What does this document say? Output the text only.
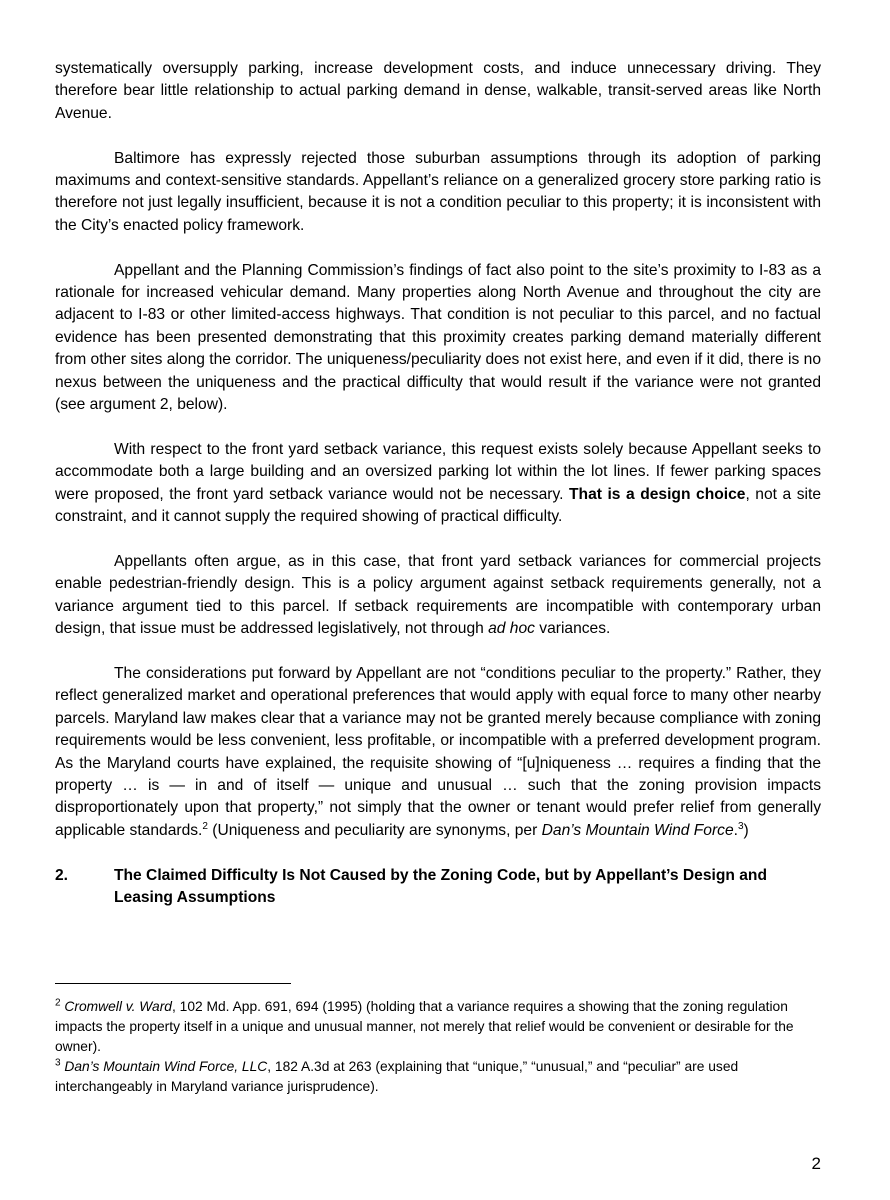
systematically oversupply parking, increase development costs, and induce unnecessary driving. They therefore bear little relationship to actual parking demand in dense, walkable, transit-served areas like North Avenue.

Baltimore has expressly rejected those suburban assumptions through its adoption of parking maximums and context-sensitive standards. Appellant’s reliance on a generalized grocery store parking ratio is therefore not just legally insufficient, because it is not a condition peculiar to this property; it is inconsistent with the City’s enacted policy framework.

Appellant and the Planning Commission’s findings of fact also point to the site’s proximity to I-83 as a rationale for increased vehicular demand. Many properties along North Avenue and throughout the city are adjacent to I-83 or other limited-access highways. That condition is not peculiar to this parcel, and no factual evidence has been presented demonstrating that this proximity creates parking demand materially different from other sites along the corridor. The uniqueness/peculiarity does not exist here, and even if it did, there is no nexus between the uniqueness and the practical difficulty that would result if the variance were not granted (see argument 2, below).

With respect to the front yard setback variance, this request exists solely because Appellant seeks to accommodate both a large building and an oversized parking lot within the lot lines. If fewer parking spaces were proposed, the front yard setback variance would not be necessary. That is a design choice, not a site constraint, and it cannot supply the required showing of practical difficulty.

Appellants often argue, as in this case, that front yard setback variances for commercial projects enable pedestrian-friendly design. This is a policy argument against setback requirements generally, not a variance argument tied to this parcel. If setback requirements are incompatible with contemporary urban design, that issue must be addressed legislatively, not through ad hoc variances.

The considerations put forward by Appellant are not “conditions peculiar to the property.” Rather, they reflect generalized market and operational preferences that would apply with equal force to many other nearby parcels. Maryland law makes clear that a variance may not be granted merely because compliance with zoning requirements would be less convenient, less profitable, or incompatible with a preferred development program. As the Maryland courts have explained, the requisite showing of “[u]niqueness … requires a finding that the property … is — in and of itself — unique and unusual … such that the zoning provision impacts disproportionately upon that property,” not simply that the owner or tenant would prefer relief from generally applicable standards.$^2$ (Uniqueness and peculiarity are synonyms, per Dan’s Mountain Wind Force.$^3$)

2.	The Claimed Difficulty Is Not Caused by the Zoning Code, but by Appellant’s Design and Leasing Assumptions

$^2$ Cromwell v. Ward, 102 Md. App. 691, 694 (1995) (holding that a variance requires a showing that the zoning regulation impacts the property itself in a unique and unusual manner, not merely that relief would be convenient or desirable for the owner).

$^3$ Dan’s Mountain Wind Force, LLC, 182 A.3d at 263 (explaining that “unique,” “unusual,” and “peculiar” are used interchangeably in Maryland variance jurisprudence).

2
